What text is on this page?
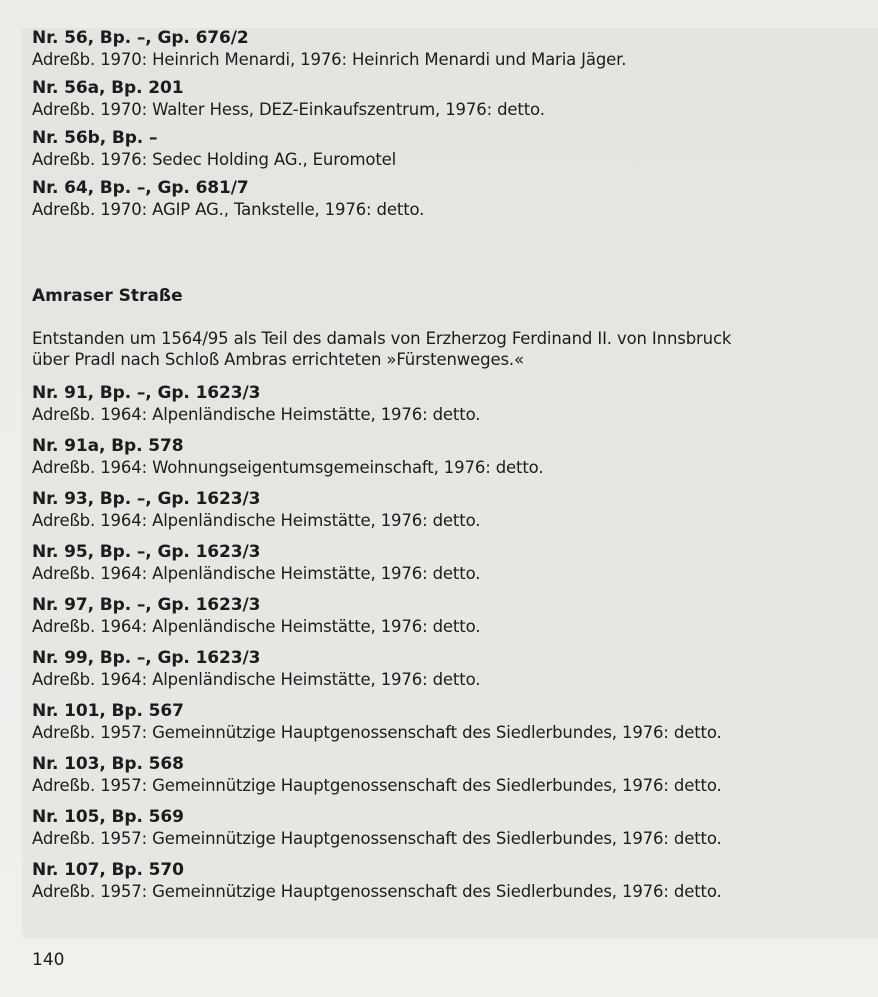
Nr. 56, Bp. –, Gp. 676/2
Adreßb. 1970: Heinrich Menardi, 1976: Heinrich Menardi und Maria Jäger.
Nr. 56a, Bp. 201
Adreßb. 1970: Walter Hess, DEZ-Einkaufszentrum, 1976: detto.
Nr. 56b, Bp. –
Adreßb. 1976: Sedec Holding AG., Euromotel
Nr. 64, Bp. –, Gp. 681/7
Adreßb. 1970: AGIP AG., Tankstelle, 1976: detto.
Amraser Straße
Entstanden um 1564/95 als Teil des damals von Erzherzog Ferdinand II. von Innsbruck
über Pradl nach Schloß Ambras errichteten »Fürstenweges.«
Nr. 91, Bp. –, Gp. 1623/3
Adreßb. 1964: Alpenländische Heimstätte, 1976: detto.
Nr. 91a, Bp. 578
Adreßb. 1964: Wohnungseigentumsgemeinschaft, 1976: detto.
Nr. 93, Bp. –, Gp. 1623/3
Adreßb. 1964: Alpenländische Heimstätte, 1976: detto.
Nr. 95, Bp. –, Gp. 1623/3
Adreßb. 1964: Alpenländische Heimstätte, 1976: detto.
Nr. 97, Bp. –, Gp. 1623/3
Adreßb. 1964: Alpenländische Heimstätte, 1976: detto.
Nr. 99, Bp. –, Gp. 1623/3
Adreßb. 1964: Alpenländische Heimstätte, 1976: detto.
Nr. 101, Bp. 567
Adreßb. 1957: Gemeinnützige Hauptgenossenschaft des Siedlerbundes, 1976: detto.
Nr. 103, Bp. 568
Adreßb. 1957: Gemeinnützige Hauptgenossenschaft des Siedlerbundes, 1976: detto.
Nr. 105, Bp. 569
Adreßb. 1957: Gemeinnützige Hauptgenossenschaft des Siedlerbundes, 1976: detto.
Nr. 107, Bp. 570
Adreßb. 1957: Gemeinnützige Hauptgenossenschaft des Siedlerbundes, 1976: detto.
140
